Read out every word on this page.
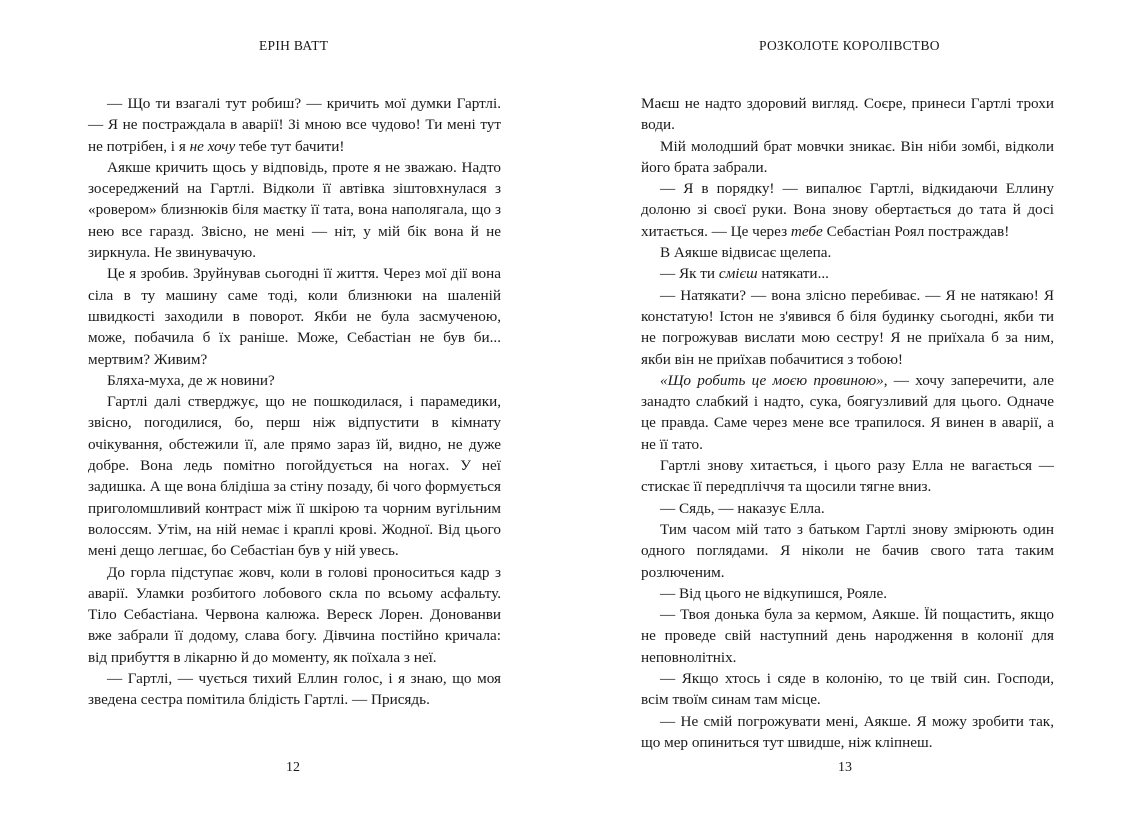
ЕРІН ВАТТ

— Що ти взагалі тут робиш? — кричить мої думки Гартлі. — Я не постраждала в аварії! Зі мною все чудово! Ти мені тут не потрібен, і я не хочу тебе тут бачити!

Аякше кричить щось у відповідь, проте я не зважаю. Надто зосереджений на Гартлі. Відколи її автівка зіштовхнулася з «ровером» близнюків біля маєтку її тата, вона наполягала, що з нею все гаразд. Звісно, не мені — ніт, у мій бік вона й не зиркнула. Не звинувачую.

Це я зробив. Зруйнував сьогодні її життя. Через мої дії вона сіла в ту машину саме тоді, коли близнюки на шаленій швидкості заходили в поворот. Якби не була засмученою, може, побачила б їх раніше. Може, Себастіан не був би... мертвим? Живим?

Бляха-муха, де ж новини?

Гартлі далі стверджує, що не пошкодилася, і парамедики, звісно, погодилися, бо, перш ніж відпустити в кімнату очікування, обстежили її, але прямо зараз їй, видно, не дуже добре. Вона ледь помітно погойдується на ногах. У неї задишка. А ще вона блідіша за стіну позаду, бі чого формується приголомшливий контраст між її шкірою та чорним вугільним волоссям. Утім, на ній немає і краплі крові. Жодної. Від цього мені дещо легшає, бо Себастіан був у ній увесь.

До горла підступає жовч, коли в голові проноситься кадр з аварії. Уламки розбитого лобового скла по всьому асфальту. Тіло Себастіана. Червона калюжа. Вереск Лорен. Донованви вже забрали її додому, слава богу. Дівчина постійно кричала: від прибуття в лікарню й до моменту, як поїхала з неї.

— Гартлі, — чується тихий Еллин голос, і я знаю, що моя зведена сестра помітила блідість Гартлі. — Присядь.

12
РОЗКОЛОТЕ КОРОЛІВСТВО

Маєш не надто здоровий вигляд. Соєре, принеси Гартлі трохи води.

Мій молодший брат мовчки зникає. Він ніби зомбі, відколи його брата забрали.

— Я в порядку! — випалює Гартлі, відкидаючи Еллину долоню зі своєї руки. Вона знову обертається до тата й досі хитається. — Це через тебе Себастіан Роял постраждав!

В Аякше відвисає щелепа.

— Як ти смієш натякати...

— Натякати? — вона злісно перебиває. — Я не натякаю! Я констатую! Істон не з'явився б біля будинку сьогодні, якби ти не погрожував вислати мою сестру! Я не приїхала б за ним, якби він не приїхав побачитися з тобою!

«Що робить це моєю провиною», — хочу заперечити, але занадто слабкий і надто, сука, боягузливий для цього. Одначе це правда. Саме через мене все трапилося. Я винен в аварії, а не її тато.

Гартлі знову хитається, і цього разу Елла не вагається — стискає її передпліччя та щосили тягне вниз.

— Сядь, — наказує Елла.

Тим часом мій тато з батьком Гартлі знову змірюють один одного поглядами. Я ніколи не бачив свого тата таким розлюченим.

— Від цього не відкупишся, Рояле.

— Твоя донька була за кермом, Аякше. Їй пощастить, якщо не проведе свій наступний день народження в колонії для неповнолітніх.

— Якщо хтось і сяде в колонію, то це твій син. Господи, всім твоїм синам там місце.

— Не смій погрожувати мені, Аякше. Я можу зробити так, що мер опиниться тут швидше, ніж кліпнеш.

13
